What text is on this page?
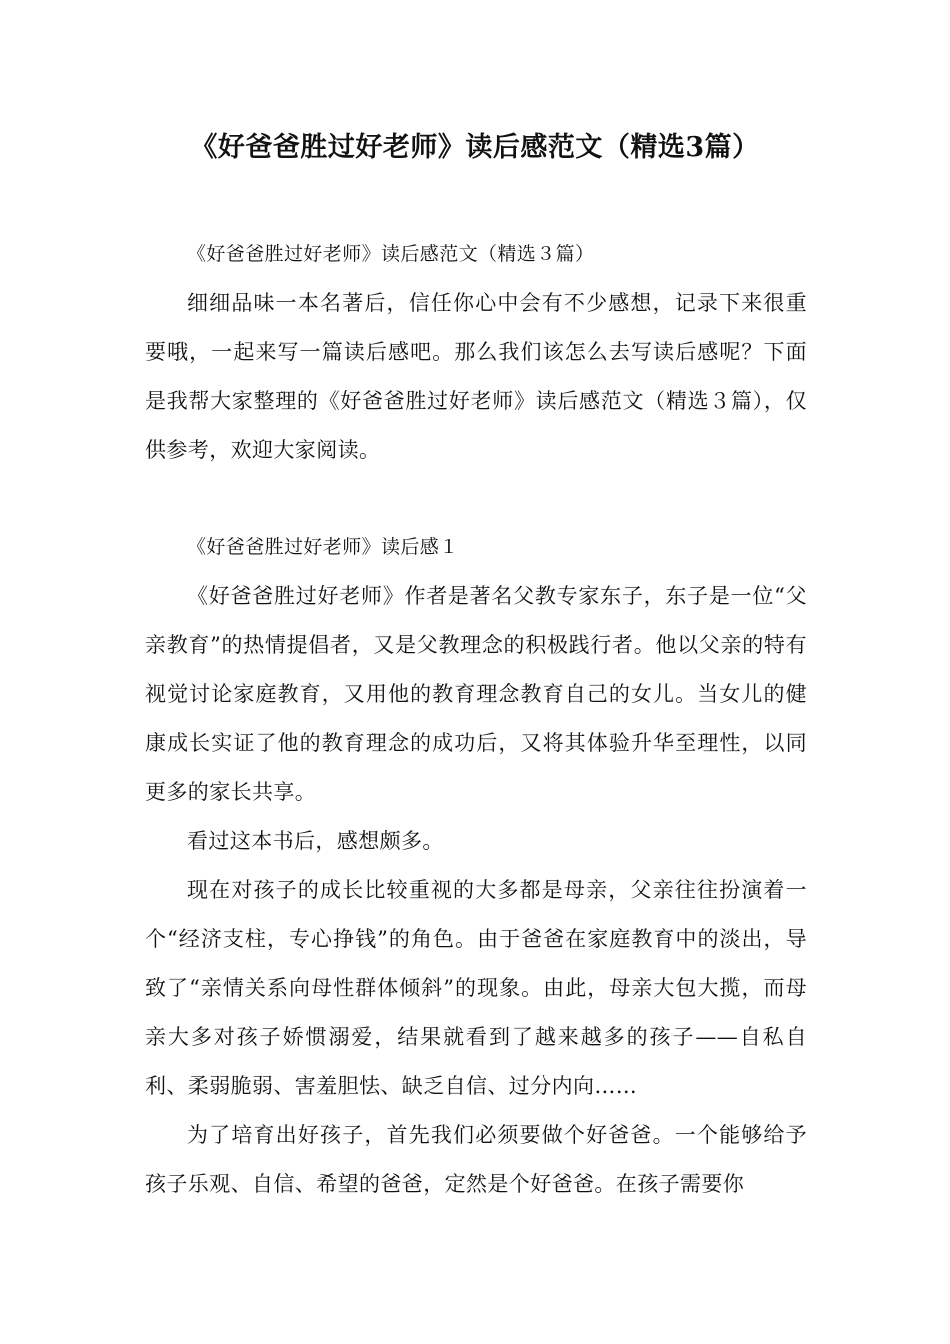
《好爸爸胜过好老师》读后感范文（精选3篇）

《好爸爸胜过好老师》读后感范文（精选３篇）

细细品味一本名著后，信任你心中会有不少感想，记录下来很重要哦，一起来写一篇读后感吧。那么我们该怎么去写读后感呢？下面是我帮大家整理的《好爸爸胜过好老师》读后感范文（精选３篇），仅供参考，欢迎大家阅读。

《好爸爸胜过好老师》读后感１

《好爸爸胜过好老师》作者是著名父教专家东子，东子是一位“父亲教育”的热情提倡者，又是父教理念的积极践行者。他以父亲的特有视觉讨论家庭教育，又用他的教育理念教育自己的女儿。当女儿的健康成长实证了他的教育理念的成功后，又将其体验升华至理性，以同更多的家长共享。

看过这本书后，感想颇多。

现在对孩子的成长比较重视的大多都是母亲，父亲往往扮演着一个“经济支柱，专心挣钱”的角色。由于爸爸在家庭教育中的淡出，导致了“亲情关系向母性群体倾斜”的现象。由此，母亲大包大揽，而母亲大多对孩子娇惯溺爱，结果就看到了越来越多的孩子——自私自利、柔弱脆弱、害羞胆怯、缺乏自信、过分内向……

为了培育出好孩子，首先我们必须要做个好爸爸。一个能够给予孩子乐观、自信、希望的爸爸，定然是个好爸爸。在孩子需要你
